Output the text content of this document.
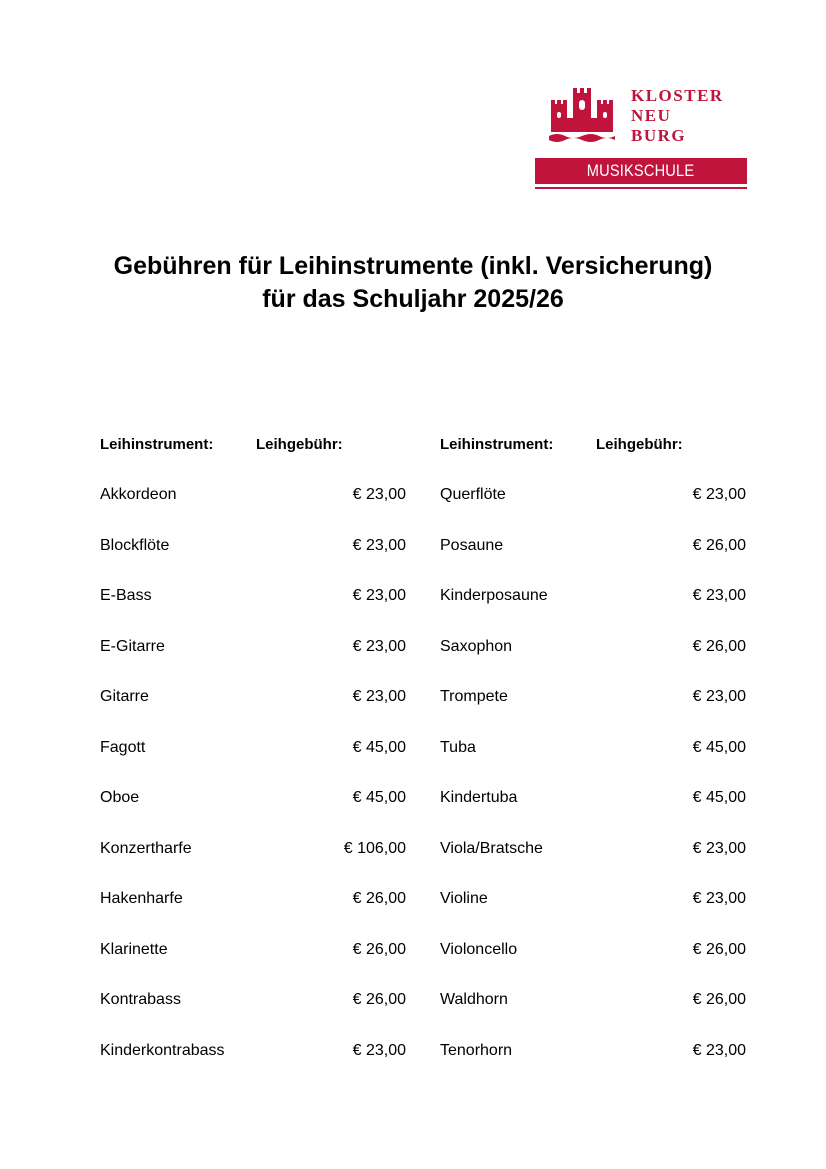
KLOSTER
NEU
BURG
MUSIKSCHULE
Gebühren für Leihinstrumente (inkl. Versicherung)
für das Schuljahr 2025/26
Leihinstrument:	Leihgebühr:
Akkordeon	€ 23,00
Blockflöte	€ 23,00
E-Bass	€ 23,00
E-Gitarre	€ 23,00
Gitarre	€ 23,00
Fagott	€ 45,00
Oboe	€ 45,00
Konzertharfe	€ 106,00
Hakenharfe	€ 26,00
Klarinette	€ 26,00
Kontrabass	€ 26,00
Kinderkontrabass	€ 23,00
Leihinstrument:	Leihgebühr:
Querflöte	€ 23,00
Posaune	€ 26,00
Kinderposaune	€ 23,00
Saxophon	€ 26,00
Trompete	€ 23,00
Tuba	€ 45,00
Kindertuba	€ 45,00
Viola/Bratsche	€ 23,00
Violine	€ 23,00
Violoncello	€ 26,00
Waldhorn	€ 26,00
Tenorhorn	€ 23,00
